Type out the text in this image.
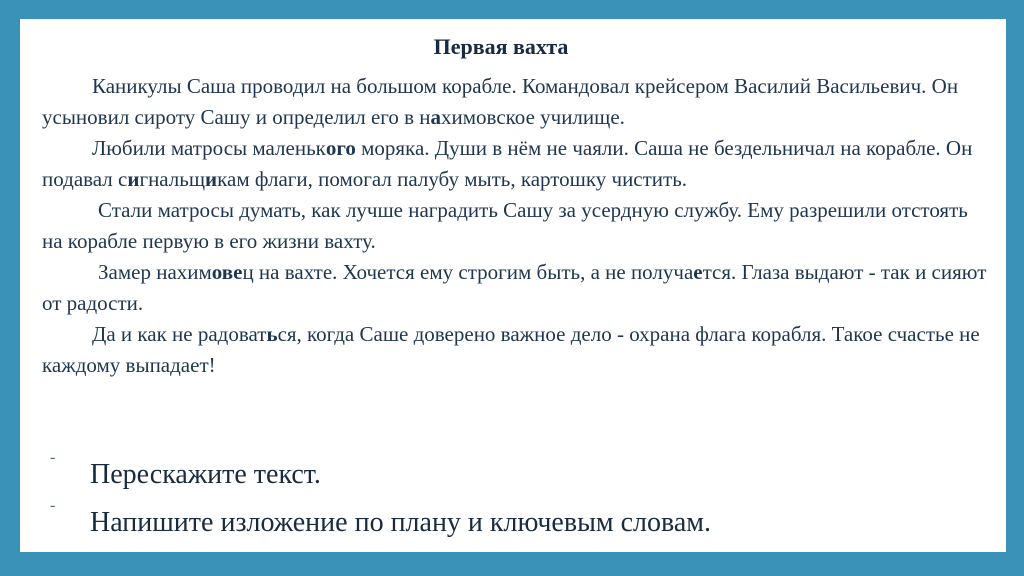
Первая вахта

Каникулы Саша проводил на большом корабле. Командовал крейсером Василий Васильевич. Он усыновил сироту Сашу и определил его в нахимовское училище.

Любили матросы маленького моряка. Души в нём не чаяли. Саша не бездельничал на корабле. Он подавал сигнальщикам флаги, помогал палубу мыть, картошку чистить.

Стали матросы думать, как лучше наградить Сашу за усердную службу. Ему разрешили отстоять на корабле первую в его жизни вахту.

Замер нахимовец на вахте. Хочется ему строгим быть, а не получается. Глаза выдают - так и сияют от радости.

Да и как не радоваться, когда Саше доверено важное дело - охрана флага корабля. Такое счастье не каждому выпадает!

-
Перескажите текст.
-
Напишите изложение по плану и ключевым словам.
